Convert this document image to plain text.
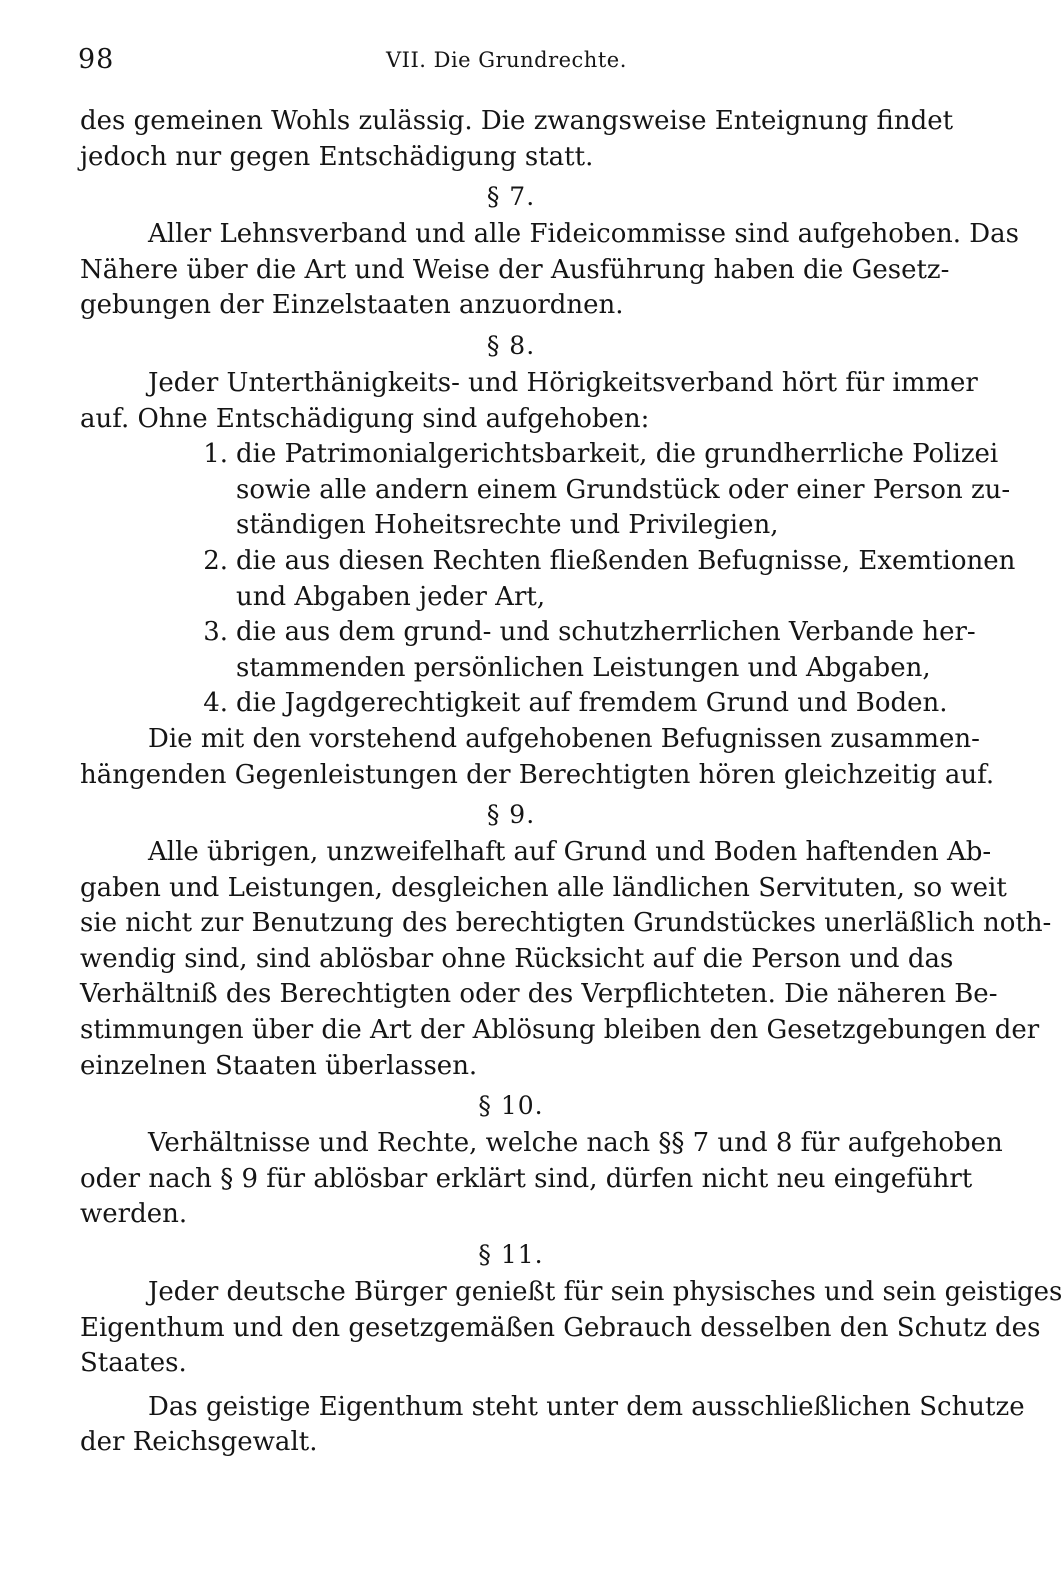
98	VII. Die Grundrechte.
des gemeinen Wohls zulässig. Die zwangsweise Enteignung findet
jedoch nur gegen Entschädigung statt.
§ 7.
Aller Lehnsverband und alle Fideicommisse sind aufgehoben. Das
Nähere über die Art und Weise der Ausführung haben die Gesetz-
gebungen der Einzelstaaten anzuordnen.
§ 8.
Jeder Unterthänigkeits- und Hörigkeitsverband hört für immer
auf. Ohne Entschädigung sind aufgehoben:
1. die Patrimonialgerichtsbarkeit, die grundherrliche Polizei
sowie alle andern einem Grundstück oder einer Person zu-
ständigen Hoheitsrechte und Privilegien,
2. die aus diesen Rechten fließenden Befugnisse, Exemtionen
und Abgaben jeder Art,
3. die aus dem grund- und schutzherrlichen Verbande her-
stammenden persönlichen Leistungen und Abgaben,
4. die Jagdgerechtigkeit auf fremdem Grund und Boden.
Die mit den vorstehend aufgehobenen Befugnissen zusammen-
hängenden Gegenleistungen der Berechtigten hören gleichzeitig auf.
§ 9.
Alle übrigen, unzweifelhaft auf Grund und Boden haftenden Ab-
gaben und Leistungen, desgleichen alle ländlichen Servituten, so weit
sie nicht zur Benutzung des berechtigten Grundstückes unerläßlich noth-
wendig sind, sind ablösbar ohne Rücksicht auf die Person und das
Verhältniß des Berechtigten oder des Verpflichteten. Die näheren Be-
stimmungen über die Art der Ablösung bleiben den Gesetzgebungen der
einzelnen Staaten überlassen.
§ 10.
Verhältnisse und Rechte, welche nach §§ 7 und 8 für aufgehoben
oder nach § 9 für ablösbar erklärt sind, dürfen nicht neu eingeführt
werden.
§ 11.
Jeder deutsche Bürger genießt für sein physisches und sein geistiges
Eigenthum und den gesetzgemäßen Gebrauch desselben den Schutz des
Staates.
Das geistige Eigenthum steht unter dem ausschließlichen Schutze
der Reichsgewalt.
